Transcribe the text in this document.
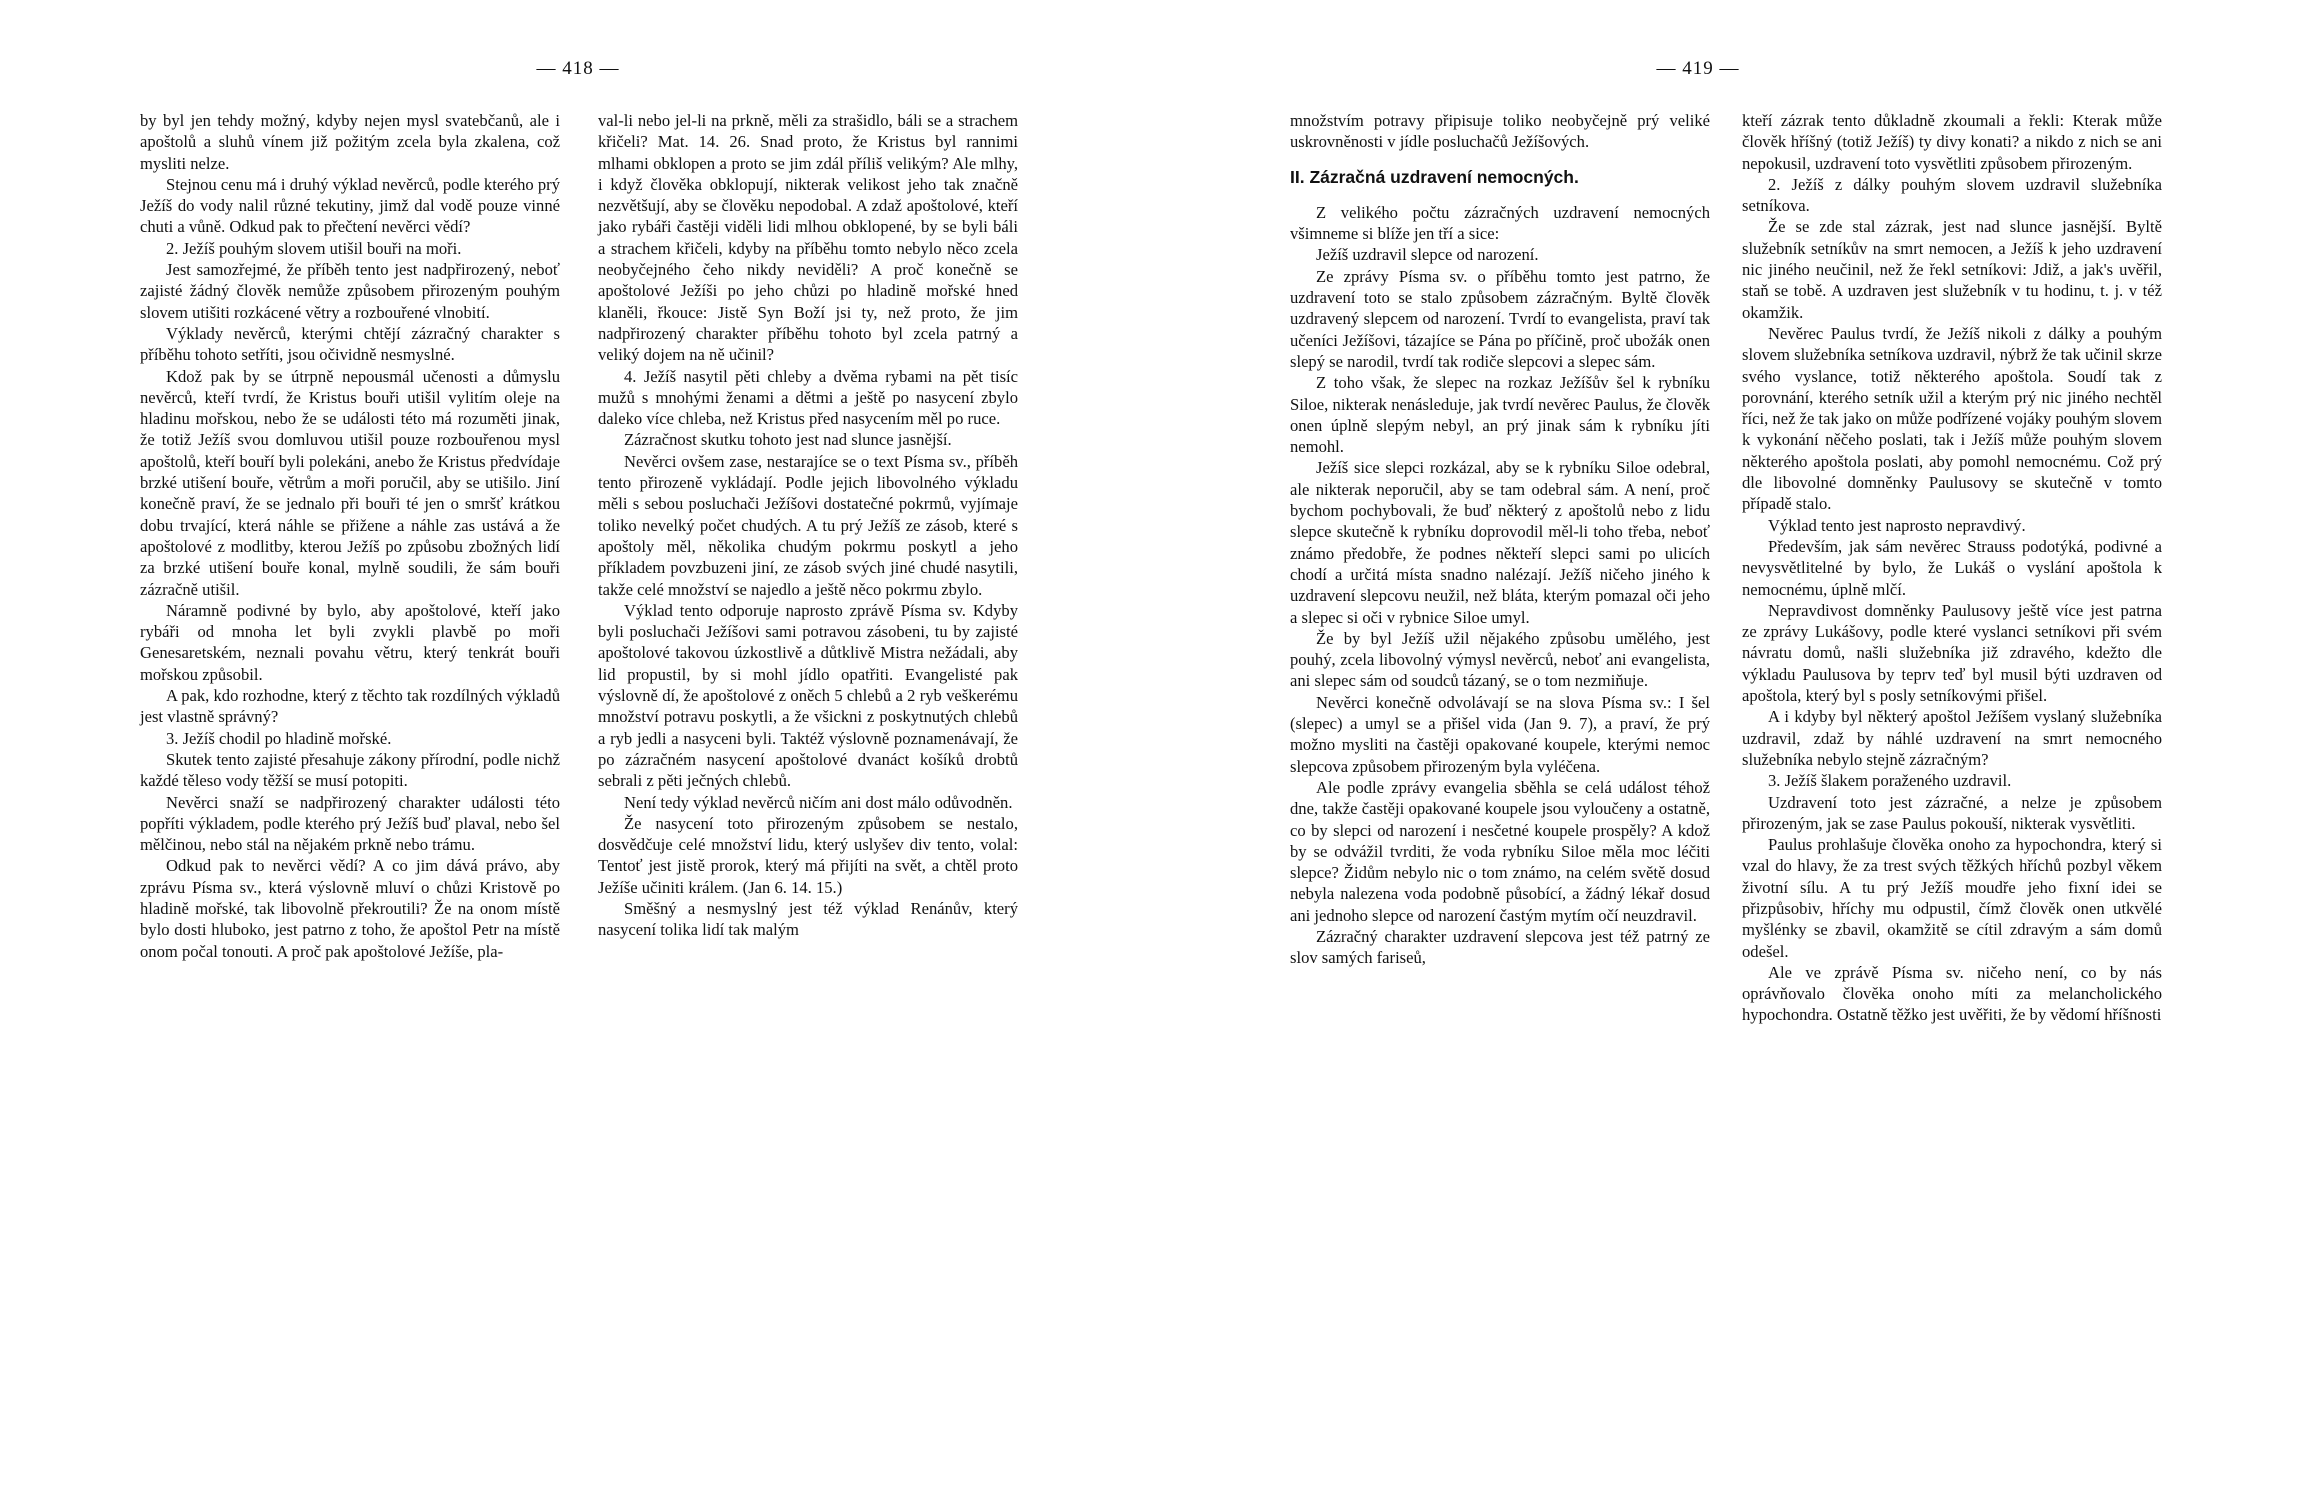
— 418 —

by byl jen tehdy možný, kdyby nejen mysl svatebčanů, ale i apoštolů a sluhů vínem již požitým zcela byla zkalena, což mysliti nelze.

Stejnou cenu má i druhý výklad nevěrců, podle kterého prý Ježíš do vody nalil různé tekutiny, jimž dal vodě pouze vinné chuti a vůně. Odkud pak to přečtení nevěrci vědí?

2. Ježíš pouhým slovem utišil bouři na moři.

Jest samozřejmé, že příběh tento jest nadpřirozený, neboť zajisté žádný člověk nemůže způsobem přirozeným pouhým slovem utišiti rozkácené větry a rozbouřené vlnobití.

Výklady nevěrců, kterými chtějí zázračný charakter s příběhu tohoto setříti, jsou očividně nesmyslné.

Kdož pak by se útrpně nepousmál učenosti a důmyslu nevěrců, kteří tvrdí, že Kristus bouři utišil vylitím oleje na hladinu mořskou, nebo že se události této má rozuměti jinak, že totiž Ježíš svou domluvou utišil pouze rozbouřenou mysl apoštolů, kteří bouří byli polekáni, anebo že Kristus předvídaje brzké utišení bouře, větrům a moři poručil, aby se utišilo. Jiní konečně praví, že se jednalo při bouři té jen o smršť krátkou dobu trvající, která náhle se přižene a náhle zas ustává a že apoštolové z modlitby, kterou Ježíš po způsobu zbožných lidí za brzké utišení bouře konal, mylně soudili, že sám bouři zázračně utišil.

Náramně podivné by bylo, aby apoštolové, kteří jako rybáři od mnoha let byli zvykli plavbě po moři Genesaretském, neznali povahu větru, který tenkrát bouři mořskou způsobil.

A pak, kdo rozhodne, který z těchto tak rozdílných výkladů jest vlastně správný?

3. Ježíš chodil po hladině mořské.

Skutek tento zajisté přesahuje zákony přírodní, podle nichž každé těleso vody těžší se musí potopiti.

Nevěrci snaží se nadpřirozený charakter události této popříti výkladem, podle kterého prý Ježíš buď plaval, nebo šel mělčinou, nebo stál na nějakém prkně nebo trámu.

Odkud pak to nevěrci vědí? A co jim dává právo, aby zprávu Písma sv., která výslovně mluví o chůzi Kristově po hladině mořské, tak libovolně překroutili? Že na onom místě bylo dosti hluboko, jest patrno z toho, že apoštol Petr na místě onom počal tonouti. A proč pak apoštolové Ježíše, pla-

val-li nebo jel-li na prkně, měli za strašidlo, báli se a strachem křičeli? Mat. 14. 26. Snad proto, že Kristus byl rannimi mlhami obklopen a proto se jim zdál příliš velikým? Ale mlhy, i když člověka obklopují, nikterak velikost jeho tak značně nezvětšují, aby se člověku nepodobal. A zdaž apoštolové, kteří jako rybáři častěji viděli lidi mlhou obklopené, by se byli báli a strachem křičeli, kdyby na příběhu tomto nebylo něco zcela neobyčejného čeho nikdy neviděli? A proč konečně se apoštolové Ježíši po jeho chůzi po hladině mořské hned klaněli, řkouce: Jistě Syn Boží jsi ty, než proto, že jim nadpřirozený charakter příběhu tohoto byl zcela patrný a veliký dojem na ně učinil?

4. Ježíš nasytil pěti chleby a dvěma rybami na pět tisíc mužů s mnohými ženami a dětmi a ještě po nasycení zbylo daleko více chleba, než Kristus před nasycením měl po ruce.

Zázračnost skutku tohoto jest nad slunce jasnější.

Nevěrci ovšem zase, nestarajíce se o text Písma sv., příběh tento přirozeně vykládají. Podle jejich libovolného výkladu měli s sebou posluchači Ježíšovi dostatečné pokrmů, vyjímaje toliko nevelký počet chudých. A tu prý Ježíš ze zásob, které s apoštoly měl, několika chudým pokrmu poskytl a jeho příkladem povzbuzeni jiní, ze zásob svých jiné chudé nasytili, takže celé množství se najedlo a ještě něco pokrmu zbylo.

Výklad tento odporuje naprosto zprávě Písma sv. Kdyby byli posluchači Ježíšovi sami potravou zásobeni, tu by zajisté apoštolové takovou úzkostlivě a důtklivě Mistra nežádali, aby lid propustil, by si mohl jídlo opatřiti. Evangelisté pak výslovně dí, že apoštolové z oněch 5 chlebů a 2 ryb veškerému množství potravu poskytli, a že všickni z poskytnutých chlebů a ryb jedli a nasyceni byli. Taktéž výslovně poznamenávají, že po zázračném nasycení apoštolové dvanáct košíků drobtů sebrali z pěti ječných chlebů.

Není tedy výklad nevěrců ničím ani dost málo odůvodněn.

Že nasycení toto přirozeným způsobem se nestalo, dosvědčuje celé množství lidu, který uslyšev div tento, volal: Tentoť jest jistě prorok, který má přijíti na svět, a chtěl proto Ježíše učiniti králem. (Jan 6. 14. 15.)

Směšný a nesmyslný jest též výklad Renánův, který nasycení tolika lidí tak malým

— 419 —

množstvím potravy připisuje toliko neobyčejně prý veliké uskrovněnosti v jídle posluchačů Ježíšových.

II. Zázračná uzdravení nemocných.

Z velikého počtu zázračných uzdravení nemocných všimneme si blíže jen tří a sice:

Ježíš uzdravil slepce od narození.

Ze zprávy Písma sv. o příběhu tomto jest patrno, že uzdravení toto se stalo způsobem zázračným. Byltě člověk uzdravený slepcem od narození. Tvrdí to evangelista, praví tak učeníci Ježíšovi, tázajíce se Pána po příčině, proč ubožák onen slepý se narodil, tvrdí tak rodiče slepcovi a slepec sám.

Z toho však, že slepec na rozkaz Ježíšův šel k rybníku Siloe, nikterak nenásleduje, jak tvrdí nevěrec Paulus, že člověk onen úplně slepým nebyl, an prý jinak sám k rybníku jíti nemohl.

Ježíš sice slepci rozkázal, aby se k rybníku Siloe odebral, ale nikterak neporučil, aby se tam odebral sám. A není, proč bychom pochybovali, že buď některý z apoštolů nebo z lidu slepce skutečně k rybníku doprovodil měl-li toho třeba, neboť známo předobře, že podnes někteří slepci sami po ulicích chodí a určitá místa snadno nalézají. Ježíš ničeho jiného k uzdravení slepcovu neužil, než bláta, kterým pomazal oči jeho a slepec si oči v rybnice Siloe umyl.

Že by byl Ježíš užil nějakého způsobu umělého, jest pouhý, zcela libovolný výmysl nevěrců, neboť ani evangelista, ani slepec sám od soudců tázaný, se o tom nezmiňuje.

Nevěrci konečně odvolávají se na slova Písma sv.: I šel (slepec) a umyl se a přišel vida (Jan 9. 7), a praví, že prý možno mysliti na častěji opakované koupele, kterými nemoc slepcova způsobem přirozeným byla vyléčena.

Ale podle zprávy evangelia sběhla se celá událost téhož dne, takže častěji opakované koupele jsou vyloučeny a ostatně, co by slepci od narození i nesčetné koupele prospěly? A kdož by se odvážil tvrditi, že voda rybníku Siloe měla moc léčiti slepce? Židům nebylo nic o tom známo, na celém světě dosud nebyla nalezena voda podobně působící, a žádný lékař dosud ani jednoho slepce od narození častým mytím očí neuzdravil.

Zázračný charakter uzdravení slepcova jest též patrný ze slov samých fariseů,

kteří zázrak tento důkladně zkoumali a řekli: Kterak může člověk hříšný (totiž Ježíš) ty divy konati? a nikdo z nich se ani nepokusil, uzdravení toto vysvětliti způsobem přirozeným.

2. Ježíš z dálky pouhým slovem uzdravil služebníka setníkova.

Že se zde stal zázrak, jest nad slunce jasnější. Byltě služebník setníkův na smrt nemocen, a Ježíš k jeho uzdravení nic jiného neučinil, než že řekl setníkovi: Jdiž, a jak's uvěřil, staň se tobě. A uzdraven jest služebník v tu hodinu, t. j. v též okamžik.

Nevěrec Paulus tvrdí, že Ježíš nikoli z dálky a pouhým slovem služebníka setníkova uzdravil, nýbrž že tak učinil skrze svého vyslance, totiž některého apoštola. Soudí tak z porovnání, kterého setník užil a kterým prý nic jiného nechtěl říci, než že tak jako on může podřízené vojáky pouhým slovem k vykonání něčeho poslati, tak i Ježíš může pouhým slovem některého apoštola poslati, aby pomohl nemocnému. Což prý dle libovolné domněnky Paulusovy se skutečně v tomto případě stalo.

Výklad tento jest naprosto nepravdivý.

Především, jak sám nevěrec Strauss podotýká, podivné a nevysvětlitelné by bylo, že Lukáš o vyslání apoštola k nemocnému, úplně mlčí.

Nepravdivost domněnky Paulusovy ještě více jest patrna ze zprávy Lukášovy, podle které vyslanci setníkovi při svém návratu domů, našli služebníka již zdravého, kdežto dle výkladu Paulusova by teprv teď byl musil býti uzdraven od apoštola, který byl s posly setníkovými přišel.

A i kdyby byl některý apoštol Ježíšem vyslaný služebníka uzdravil, zdaž by náhlé uzdravení na smrt nemocného služebníka nebylo stejně zázračným?

3. Ježíš šlakem poraženého uzdravil.

Uzdravení toto jest zázračné, a nelze je způsobem přirozeným, jak se zase Paulus pokouší, nikterak vysvětliti.

Paulus prohlašuje člověka onoho za hypochondra, který si vzal do hlavy, že za trest svých těžkých hříchů pozbyl věkem životní sílu. A tu prý Ježíš moudře jeho fixní idei se přizpůsobiv, hříchy mu odpustil, čímž člověk onen utkvělé myšlénky se zbavil, okamžitě se cítil zdravým a sám domů odešel.

Ale ve zprávě Písma sv. ničeho není, co by nás oprávňovalo člověka onoho míti za melancholického hypochondra. Ostatně těžko jest uvěřiti, že by vědomí hříšnosti
